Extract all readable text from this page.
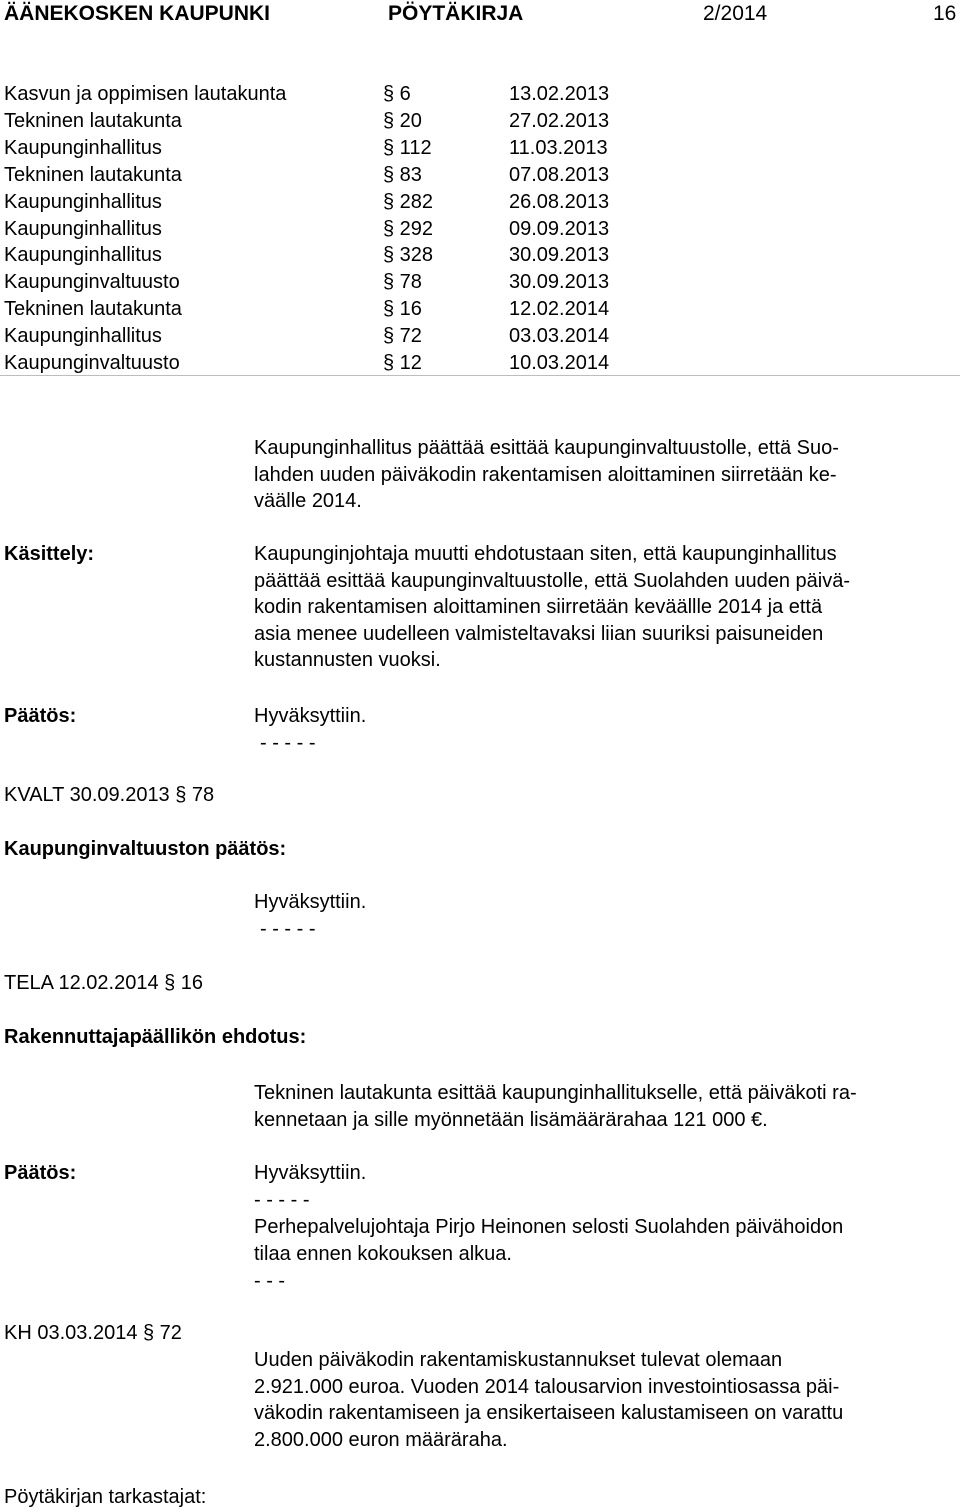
ÄÄNEKOSKEN KAUPUNKI	PÖYTÄKIRJA	2/2014	16
Kasvun ja oppimisen lautakunta	§ 6	13.02.2013
Tekninen lautakunta	§ 20	27.02.2013
Kaupunginhallitus	§ 112	11.03.2013
Tekninen lautakunta	§ 83	07.08.2013
Kaupunginhallitus	§ 282	26.08.2013
Kaupunginhallitus	§ 292	09.09.2013
Kaupunginhallitus	§ 328	30.09.2013
Kaupunginvaltuusto	§ 78	30.09.2013
Tekninen lautakunta	§ 16	12.02.2014
Kaupunginhallitus	§ 72	03.03.2014
Kaupunginvaltuusto	§ 12	10.03.2014
Kaupunginhallitus päättää esittää kaupunginvaltuustolle, että Suo-
lahden uuden päiväkodin rakentamisen aloittaminen siirretään ke-
väälle 2014.
Käsittely:	Kaupunginjohtaja muutti ehdotustaan siten, että kaupunginhallitus
päättää esittää kaupunginvaltuustolle, että Suolahden uuden päivä-
kodin rakentamisen aloittaminen siirretään keväällle 2014 ja että
asia menee uudelleen valmisteltavaksi liian suuriksi paisuneiden
kustannusten vuoksi.
Päätös:	Hyväksyttiin.
- - - - -
KVALT 30.09.2013 § 78
Kaupunginvaltuuston päätös:
Hyväksyttiin.
- - - - -
TELA 12.02.2014 § 16
Rakennuttajapäällikön ehdotus:
Tekninen lautakunta esittää kaupunginhallitukselle, että päiväkoti ra-
kennetaan ja sille myönnetään lisämäärärahaa 121 000 €.
Päätös:	Hyväksyttiin.
- - - - -
Perhepalvelujohtaja Pirjo Heinonen selosti Suolahden päivähoidon
tilaa ennen kokouksen alkua.
- - -
KH 03.03.2014 § 72
Uuden päiväkodin rakentamiskustannukset tulevat olemaan
2.921.000 euroa. Vuoden 2014 talousarvion investointiosassa päi-
väkodin rakentamiseen ja ensikertaiseen kalustamiseen on varattu
2.800.000 euron määräraha.
Pöytäkirjan tarkastajat:
